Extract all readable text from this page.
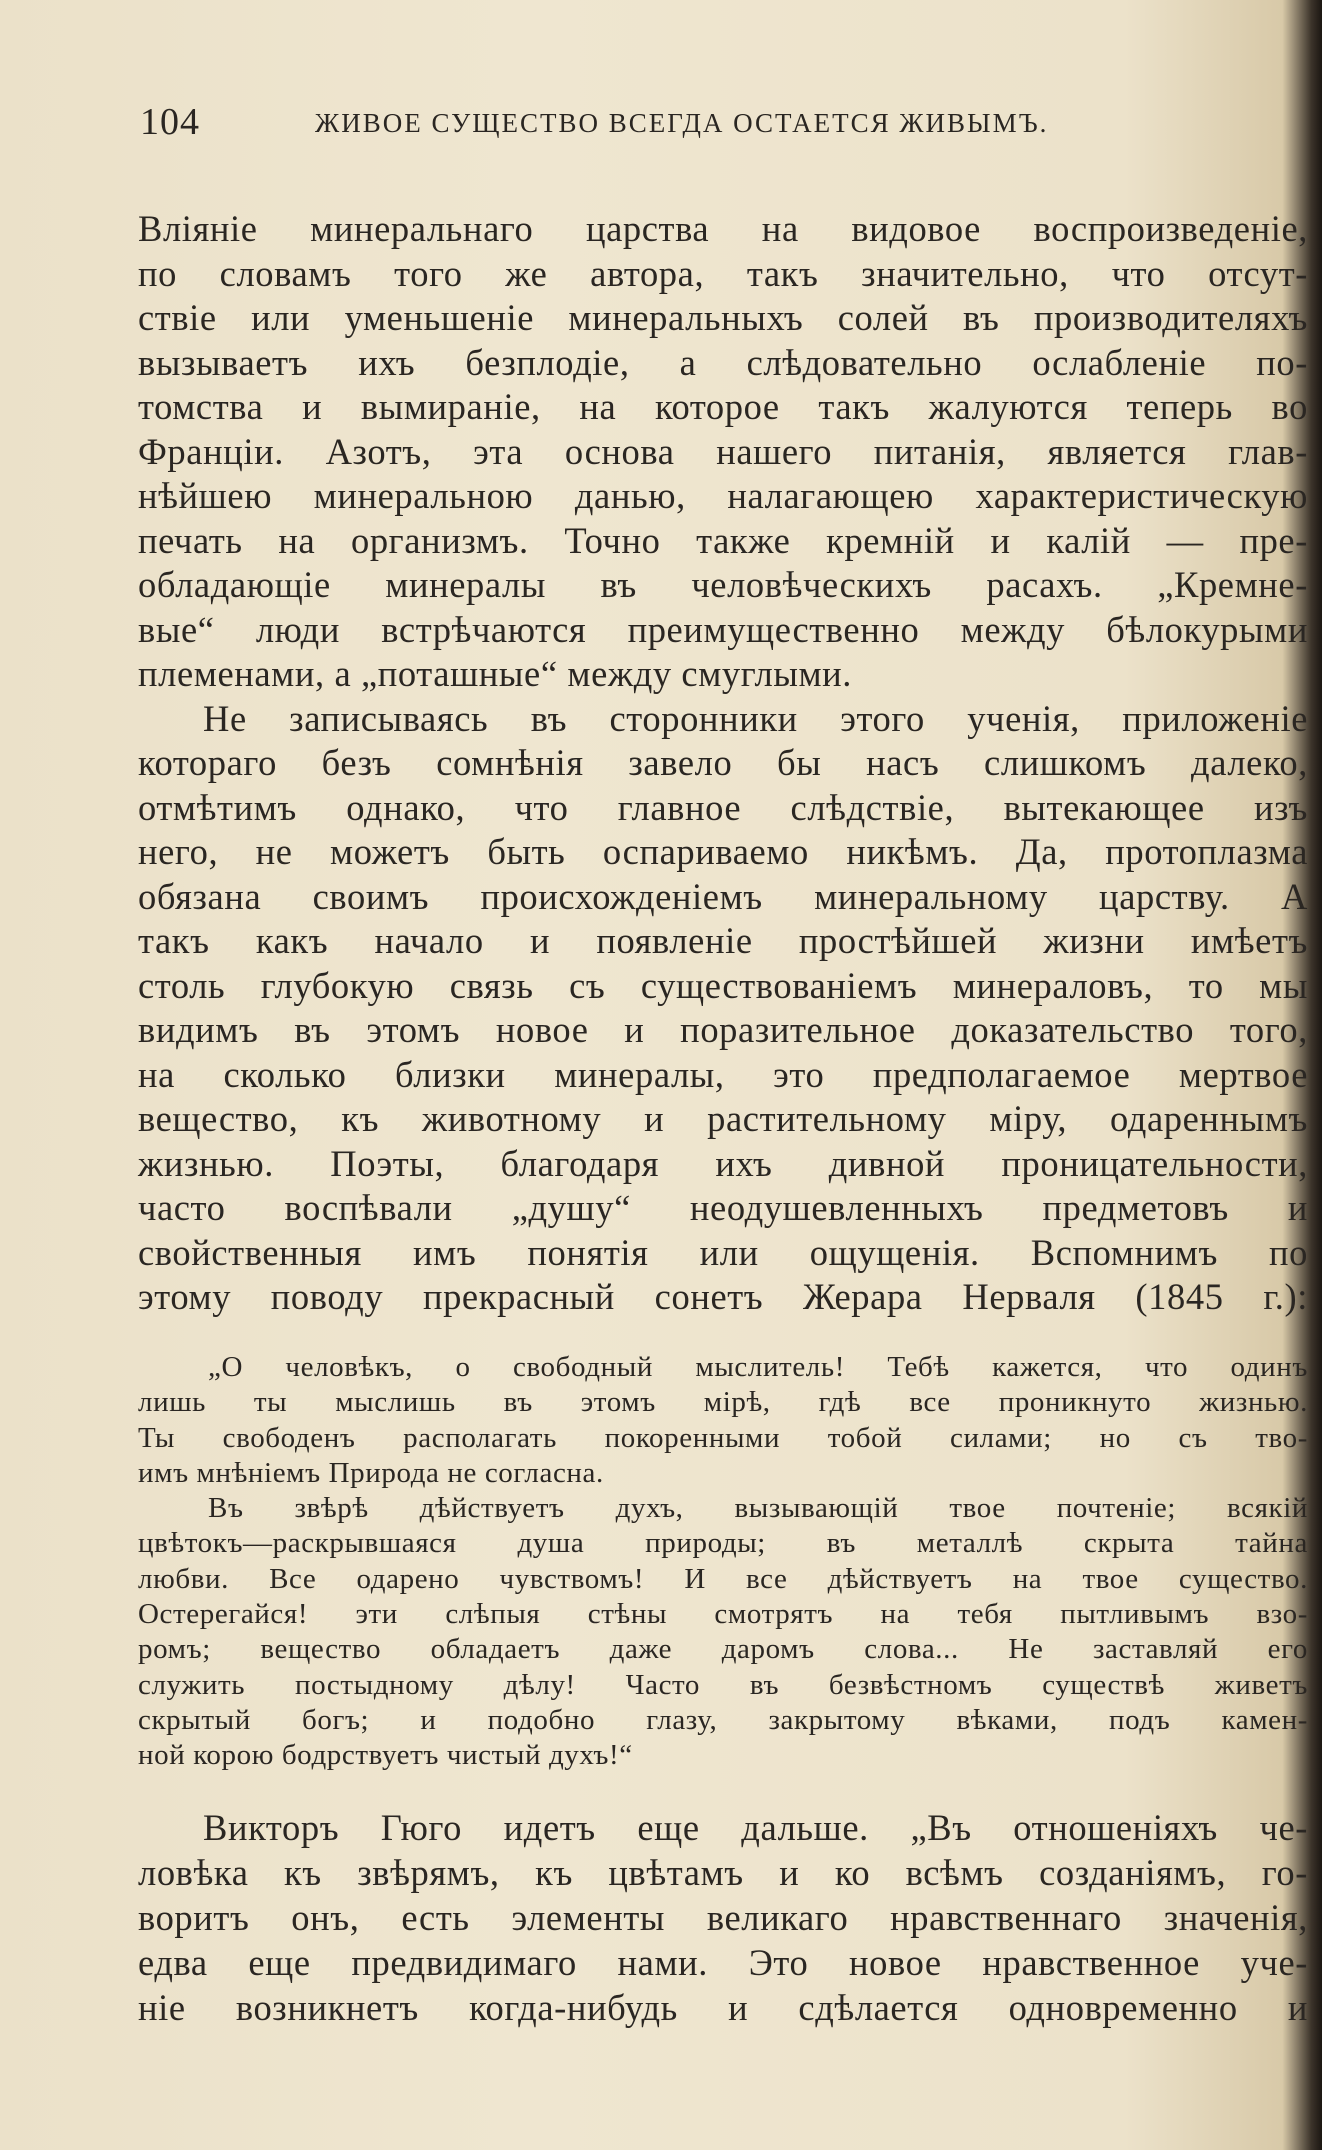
104	ЖИВОЕ СУЩЕСТВО ВСЕГДА ОСТАЕТСЯ ЖИВЫМЪ.
Вліяніе минеральнаго царства на видовое воспроизведеніе,
по словамъ того же автора, такъ значительно, что отсут-
ствіе или уменьшеніе минеральныхъ солей въ производителяхъ
вызываетъ ихъ безплодіе, а слѣдовательно ослабленіе по-
томства и вымираніе, на которое такъ жалуются теперь во
Франціи. Азотъ, эта основа нашего питанія, является глав-
нѣйшею минеральною данью, налагающею характеристическую
печать на организмъ. Точно также кремній и калій — пре-
обладающіе минералы въ человѣческихъ расахъ. „Кремне-
вые“ люди встрѣчаются преимущественно между бѣлокурыми
племенами, а „поташные“ между смуглыми.
Не записываясь въ сторонники этого ученія, приложеніе
котораго безъ сомнѣнія завело бы насъ слишкомъ далеко,
отмѣтимъ однако, что главное слѣдствіе, вытекающее изъ
него, не можетъ быть оспариваемо никѣмъ. Да, протоплазма
обязана своимъ происхожденіемъ минеральному царству. А
такъ какъ начало и появленіе простѣйшей жизни имѣетъ
столь глубокую связь съ существованіемъ минераловъ, то мы
видимъ въ этомъ новое и поразительное доказательство того,
на сколько близки минералы, это предполагаемое мертвое
вещество, къ животному и растительному міру, одареннымъ
жизнью. Поэты, благодаря ихъ дивной проницательности,
часто воспѣвали „душу“ неодушевленныхъ предметовъ и
свойственныя имъ понятія или ощущенія. Вспомнимъ по
этому поводу прекрасный сонетъ Жерара Нерваля (1845 г.):
„О человѣкъ, о свободный мыслитель! Тебѣ кажется, что одинъ
лишь ты мыслишь въ этомъ мірѣ, гдѣ все проникнуто жизнью.
Ты свободенъ располагать покоренными тобой силами; но съ тво-
имъ мнѣніемъ Природа не согласна.
Въ звѣрѣ дѣйствуетъ духъ, вызывающій твое почтеніе; всякій
цвѣтокъ—раскрывшаяся душа природы; въ металлѣ скрыта тайна
любви. Все одарено чувствомъ! И все дѣйствуетъ на твое существо.
Остерегайся! эти слѣпыя стѣны смотрятъ на тебя пытливымъ взо-
ромъ; вещество обладаетъ даже даромъ слова... Не заставляй его
служить постыдному дѣлу! Часто въ безвѣстномъ существѣ живетъ
скрытый богъ; и подобно глазу, закрытому вѣками, подъ камен-
ной корою бодрствуетъ чистый духъ!“
Викторъ Гюго идетъ еще дальше. „Въ отношеніяхъ че-
ловѣка къ звѣрямъ, къ цвѣтамъ и ко всѣмъ созданіямъ, го-
воритъ онъ, есть элементы великаго нравственнаго значенія,
едва еще предвидимаго нами. Это новое нравственное уче-
ніе возникнетъ когда-нибудь и сдѣлается одновременно и
